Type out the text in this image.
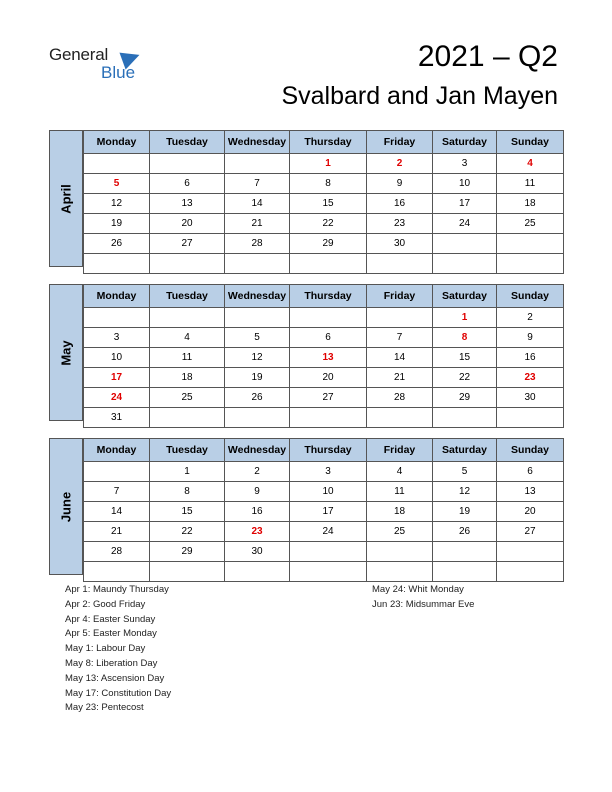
General
Blue	2021 – Q2
Svalbard and Jan Mayen
April
Monday	Tuesday	Wednesday	Thursday	Friday	Saturday	Sunday
			1	2	3	4
5	6	7	8	9	10	11
12	13	14	15	16	17	18
19	20	21	22	23	24	25
26	27	28	29	30		

May
Monday	Tuesday	Wednesday	Thursday	Friday	Saturday	Sunday
					1	2
3	4	5	6	7	8	9
10	11	12	13	14	15	16
17	18	19	20	21	22	23
24	25	26	27	28	29	30
31						
June
Monday	Tuesday	Wednesday	Thursday	Friday	Saturday	Sunday
	1	2	3	4	5	6
7	8	9	10	11	12	13
14	15	16	17	18	19	20
21	22	23	24	25	26	27
28	29	30				

Apr 1: Maundy Thursday
Apr 2: Good Friday
Apr 4: Easter Sunday
Apr 5: Easter Monday
May 1: Labour Day
May 8: Liberation Day
May 13: Ascension Day
May 17: Constitution Day
May 23: Pentecost
May 24: Whit Monday
Jun 23: Midsummar Eve
